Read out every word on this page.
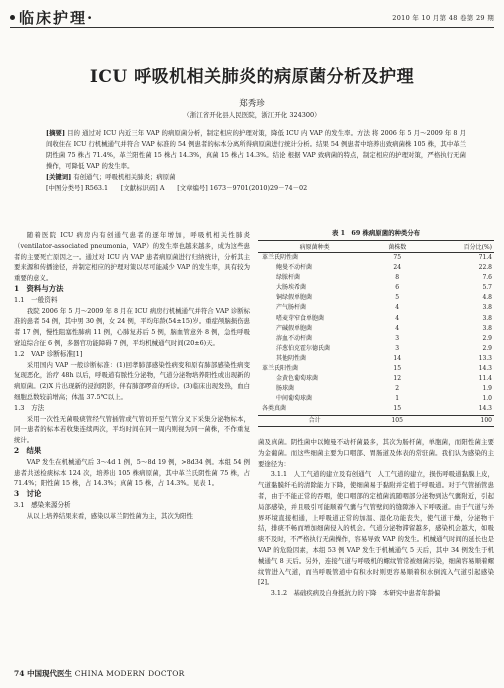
临床护理·	2010 年 10 月第 48 卷第 29 期
ICU 呼吸机相关肺炎的病原菌分析及护理
郑秀珍
（浙江省开化县人民医院，浙江开化 324300）

[摘要] 目的 通过对 ICU 内近三年 VAP 的病原菌分析，制定相应的护理对策，降低 ICU 内 VAP 的发生率。方法 将 2006 年 5 月～2009 年 8 月间收住在 ICU 行机械通气并符合 VAP 标准的 54 例患者的标本分离所得病原菌进行统计分析。结果 54 例患者中培养出致病菌株 105 株，其中革兰阴性菌 75 株占 71.4%，革兰阳性菌 15 株占 14.3%，真菌 15 株占 14.3%。结论 根据 VAP 致病菌的特点，制定相应的护理对策，严格执行无菌操作，可降低 VAP 的发生率。

[关键词] 有创通气；呼吸机相关肺炎；病原菌

[中图分类号] R563.1　　[文献标识码] A　　[文章编号] 1673－9701(2010)29－74－02

随着医院 ICU 病房内有创通气患者的逐年增加，呼吸机相关性肺炎（ventilator-associated pneumonia，VAP）的发生率也越来越多，成为这些患者的主要死亡原因之一。通过对 ICU 内 VAP 患者病原菌进行归纳统计，分析其主要来源和传播途径，并制定相应的护理对策以尽可能减少 VAP 的发生率，具有较为重要的意义。

1　资料与方法

1.1　一般资料

我院 2006 年 5 月～2009 年 8 月在 ICU 病房行机械通气并符合 VAP 诊断标准的患者 54 例，其中男 30 例，女 24 例，平均年龄(54±15)岁。重症颅脑损伤患者 17 例，慢性阻塞性肺病 11 例，心肺复苏后 5 例，脑血管意外 8 例，急性呼吸窘迫综合征 6 例，多器官功能障碍 7 例，平均机械通气时间(20±6)天。

1.2　VAP 诊断标准[1]

采用国内 VAP 一般诊断标准：(1)回孝肺部感染性病变和原有肺部感染性病变复现恶化，治疗 48h 以后，呼吸道有脓性分泌物，气道分泌物培养阳性或出现新的病原菌。(2)X 片出现新的浸润阴影，伴有肺部啰音的听诊。(3)临床出现发热，血白细胞总数较前增高；体温 37.5℃以上。

1.3　方法

采用一次性无菌吸痰管经气管插管或气管切开至气管分叉下采集分泌物标本，同一患者的标本若收集连续两次，平均时间在同一周内则视为同一菌株，不作重复统计。

2　结果

VAP 发生在机械通气后 3～4d 1 例，5～8d 19 例，>8d34 例。本组 54 例患者共送检痰标本 124 次，培养出 105 株病原菌，其中革兰氏阴性菌 75 株，占 71.4%；阳性菌 15 株，占 14.3%；真菌 15 株，占 14.3%。见表 1。

3　讨论

3.1　感染来源分析

从以上培养结果来看，感染以革兰阴性菌为主，其次为阳性

表 1　69 株病原菌的种类分布
病原菌种类	菌株数	百分比(%)
革兰氏阴性菌	75	71.4
鲍曼不动杆菌	24	22.8
绿脓杆菌	8	7.6
大肠埃希菌	6	5.7
铜绿假单胞菌	5	4.8
产气肠杆菌	4	3.8
嗜麦芽窄食单胞菌	4	3.8
产碱假单胞菌	4	3.8
溶血不动杆菌	3	2.9
洋葱伯克霍尔德氏菌	3	2.9
其他阴性菌	14	13.3
革兰氏阳性菌	15	14.3
金黄色葡萄球菌	12	11.4
肠球菌	2	1.9
中间葡萄球菌	1	1.0
各类真菌	15	14.3
合计	105	100

菌及真菌。阴性菌中以鲍曼不动杆菌最多，其次为肠杆菌，单胞菌，而阳性菌主要为金葡菌。而这些细菌主要为口咽部、胃肠道及体表的常驻菌。我们认为感染的主要途径为：

3.1.1　人工气道的建立及有创通气　人工气道的建立，损伤呼吸道黏膜上皮，气道黏膜纤毛的清除能力下降，使细菌易于黏附并定植于呼吸道。对于气管插管患者，由于不能正常的吞咽，使口咽部的定植菌流随咽部分泌物到达气囊附近，引起局部感染，并且吸引可能顺着气囊与气管壁间的缝隙渗入下呼吸道。由于气道与外界环境直接相通，上呼吸道正常的加温、湿化功能丧失，使气道干燥，分泌物干结，排痰不畅而增加细菌侵入的机会。气道分泌物滞留越多，感染机会越大，如吸痰不及时，不严格执行无菌操作，容易导致 VAP 的发生。机械通气时间的延长也是 VAP 的危险因素，本组 53 例 VAP 发生于机械通气 5 天后，其中 34 例发生于机械通气 8 天后。另外，连接气道与呼吸机的螺纹管常被细菌污染，细菌容易顺着螺纹管进入气道，而当呼吸管道中有积水时则更容易顺着积水倒流入气道引起感染[2]。

3.1.2　基础疾病及自身抵抗力的下降　本研究中患者年龄偏

74 中国现代医生 CHINA MODERN DOCTOR
